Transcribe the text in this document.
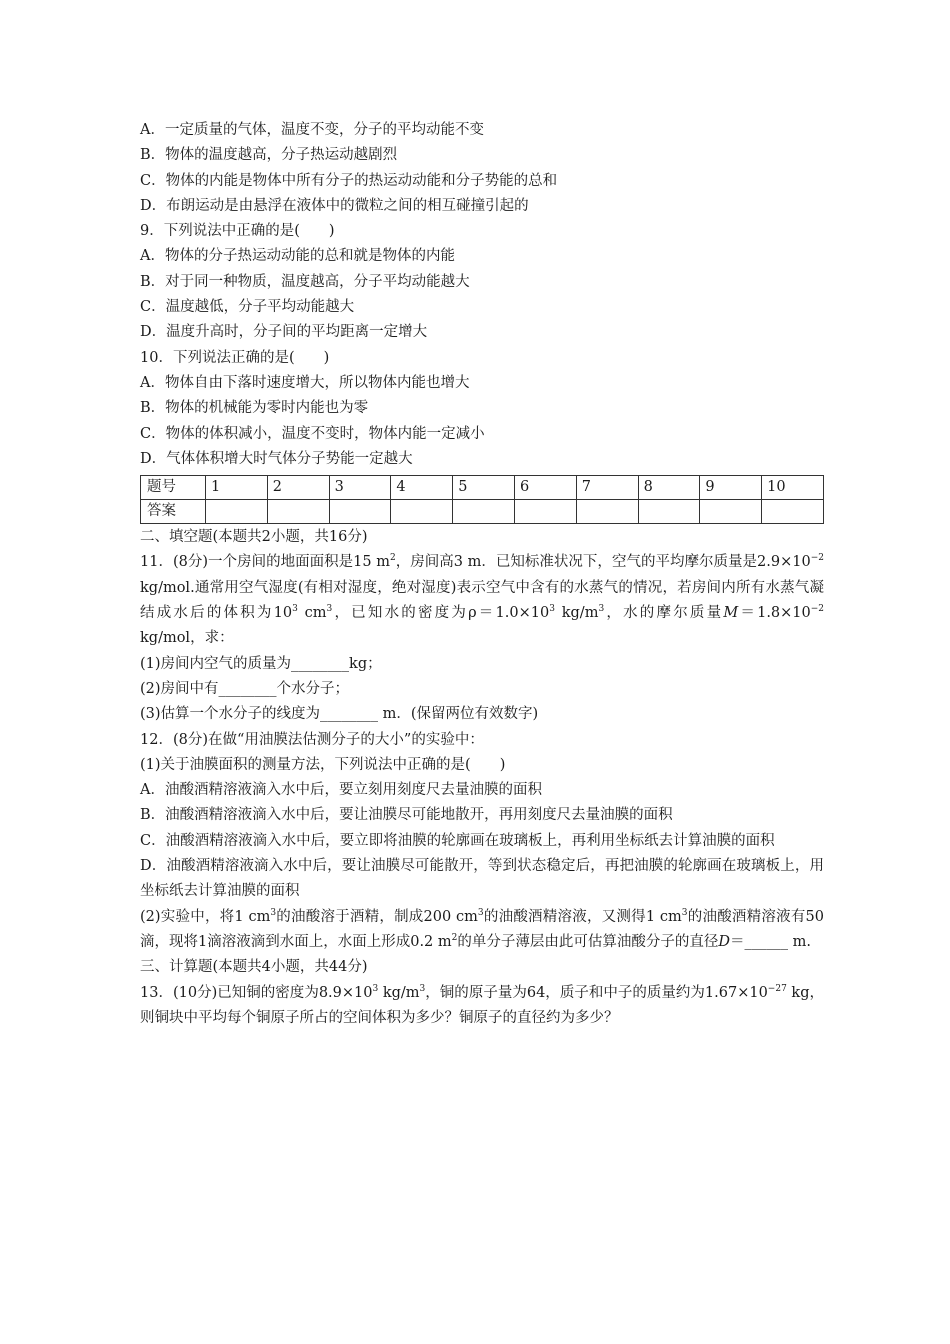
A．一定质量的气体，温度不变，分子的平均动能不变
B．物体的温度越高，分子热运动越剧烈
C．物体的内能是物体中所有分子的热运动动能和分子势能的总和
D．布朗运动是由悬浮在液体中的微粒之间的相互碰撞引起的
9．下列说法中正确的是(　　)
A．物体的分子热运动动能的总和就是物体的内能
B．对于同一种物质，温度越高，分子平均动能越大
C．温度越低，分子平均动能越大
D．温度升高时，分子间的平均距离一定增大
10．下列说法正确的是(　　)
A．物体自由下落时速度增大，所以物体内能也增大
B．物体的机械能为零时内能也为零
C．物体的体积减小，温度不变时，物体内能一定减小
D．气体体积增大时气体分子势能一定越大
题号	1	2	3	4	5	6	7	8	9	10
答案										
二、填空题(本题共2小题，共16分)
11．(8分)一个房间的地面面积是15 $m^2$，房间高3 m．已知标准状况下，空气的平均摩尔质量是$2.9\times 10^{-2}$ kg/mol.通常用空气湿度(有相对湿度，绝对湿度)表示空气中含有的水蒸气的情况，若房间内所有水蒸气凝结成水后的体积为$10^3$ $cm^3$，已知水的密度为$\rho=1.0\times 10^3$ $kg/m^3$，水的摩尔质量$M=1.8\times 10^{-2}$ kg/mol，求：
(1)房间内空气的质量为________kg；
(2)房间中有________个水分子；
(3)估算一个水分子的线度为________ m．(保留两位有效数字)
12．(8分)在做“用油膜法估测分子的大小”的实验中：
(1)关于油膜面积的测量方法，下列说法中正确的是(　　)
A．油酸酒精溶液滴入水中后，要立刻用刻度尺去量油膜的面积
B．油酸酒精溶液滴入水中后，要让油膜尽可能地散开，再用刻度尺去量油膜的面积
C．油酸酒精溶液滴入水中后，要立即将油膜的轮廓画在玻璃板上，再利用坐标纸去计算油膜的面积
D．油酸酒精溶液滴入水中后，要让油膜尽可能散开，等到状态稳定后，再把油膜的轮廓画在玻璃板上，用坐标纸去计算油膜的面积
(2)实验中，将1 $cm^3$的油酸溶于酒精，制成200 $cm^3$的油酸酒精溶液，又测得1 $cm^3$的油酸酒精溶液有50滴，现将1滴溶液滴到水面上，水面上形成0.2 $m^2$的单分子薄层由此可估算油酸分子的直径D＝______ m.
三、计算题(本题共4小题，共44分)
13．(10分)已知铜的密度为$8.9\times 10^3$ $kg/m^3$，铜的原子量为64，质子和中子的质量约为$1.67\times 10^{-27}$ kg，则铜块中平均每个铜原子所占的空间体积为多少？铜原子的直径约为多少？
